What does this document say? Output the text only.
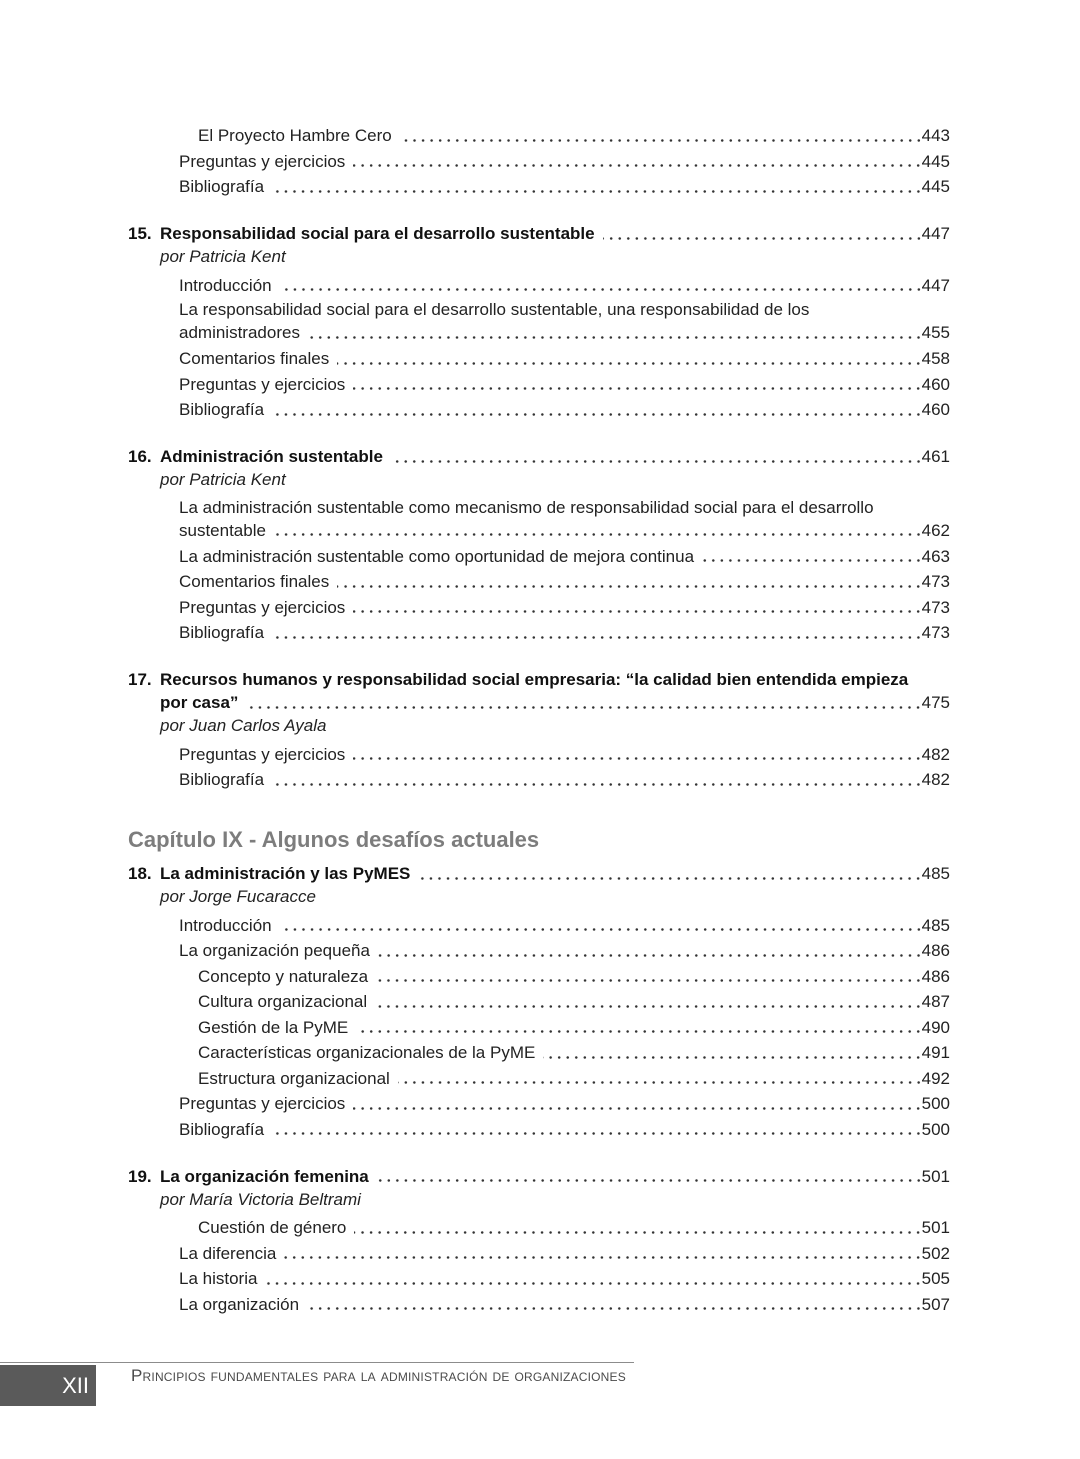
El Proyecto Hambre Cero	443
Preguntas y ejercicios	445
Bibliografía	445
15. Responsabilidad social para el desarrollo sustentable	447
por Patricia Kent
Introducción	447
La responsabilidad social para el desarrollo sustentable, una responsabilidad de los
administradores	455
Comentarios finales	458
Preguntas y ejercicios	460
Bibliografía	460
16. Administración sustentable	461
por Patricia Kent
La administración sustentable como mecanismo de responsabilidad social para el desarrollo
sustentable	462
La administración sustentable como oportunidad de mejora continua	463
Comentarios finales	473
Preguntas y ejercicios	473
Bibliografía	473
17. Recursos humanos y responsabilidad social empresaria: “la calidad bien entendida empieza
por casa”	475
por Juan Carlos Ayala
Preguntas y ejercicios	482
Bibliografía	482
Capítulo IX - Algunos desafíos actuales
18. La administración y las PyMES	485
por Jorge Fucaracce
Introducción	485
La organización pequeña	486
Concepto y naturaleza	486
Cultura organizacional	487
Gestión de la PyME	490
Características organizacionales de la PyME	491
Estructura organizacional	492
Preguntas y ejercicios	500
Bibliografía	500
19. La organización femenina	501
por María Victoria Beltrami
Cuestión de género	501
La diferencia	502
La historia	505
La organización	507
XII	Principios fundamentales para la administración de organizaciones
